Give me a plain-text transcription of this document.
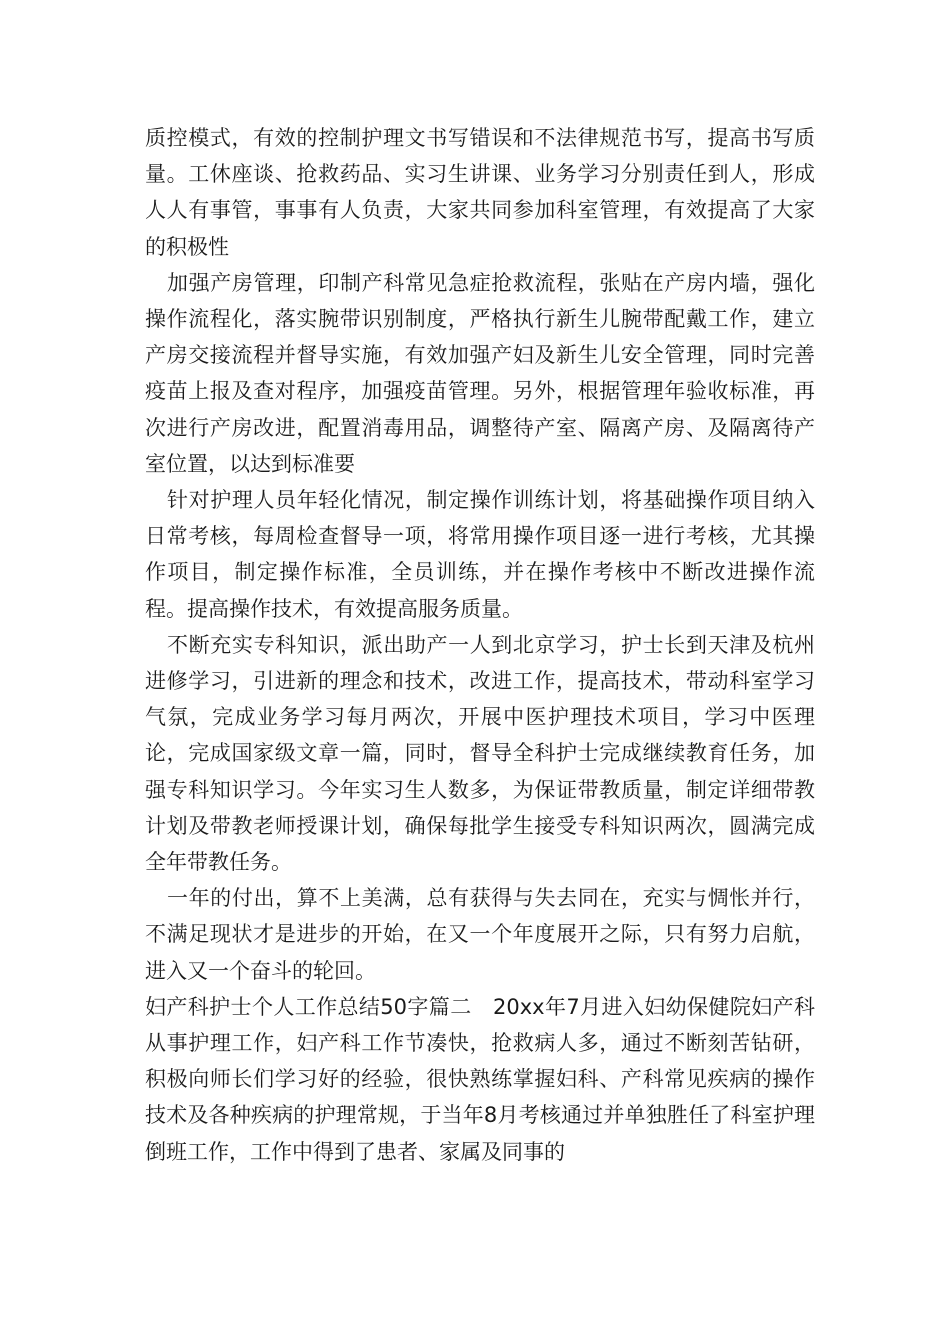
质控模式，有效的控制护理文书写错误和不法律规范书写，提高书写质量。工休座谈、抢救药品、实习生讲课、业务学习分别责任到人，形成人人有事管，事事有人负责，大家共同参加科室管理，有效提高了大家的积极性

加强产房管理，印制产科常见急症抢救流程，张贴在产房内墙，强化操作流程化，落实腕带识别制度，严格执行新生儿腕带配戴工作，建立产房交接流程并督导实施，有效加强产妇及新生儿安全管理，同时完善疫苗上报及查对程序，加强疫苗管理。另外，根据管理年验收标准，再次进行产房改进，配置消毒用品，调整待产室、隔离产房、及隔离待产室位置，以达到标准要

针对护理人员年轻化情况，制定操作训练计划，将基础操作项目纳入日常考核，每周检查督导一项，将常用操作项目逐一进行考核，尤其操作项目，制定操作标准，全员训练，并在操作考核中不断改进操作流程。提高操作技术，有效提高服务质量。

不断充实专科知识，派出助产一人到北京学习，护士长到天津及杭州进修学习，引进新的理念和技术，改进工作，提高技术，带动科室学习气氛，完成业务学习每月两次，开展中医护理技术项目，学习中医理论，完成国家级文章一篇，同时，督导全科护士完成继续教育任务，加强专科知识学习。今年实习生人数多，为保证带教质量，制定详细带教计划及带教老师授课计划，确保每批学生接受专科知识两次，圆满完成全年带教任务。

一年的付出，算不上美满，总有获得与失去同在，充实与惆怅并行，不满足现状才是进步的开始，在又一个年度展开之际，只有努力启航，进入又一个奋斗的轮回。

妇产科护士个人工作总结50字篇二　20xx年7月进入妇幼保健院妇产科从事护理工作，妇产科工作节凑快，抢救病人多，通过不断刻苦钻研，积极向师长们学习好的经验，很快熟练掌握妇科、产科常见疾病的操作技术及各种疾病的护理常规，于当年8月考核通过并单独胜任了科室护理倒班工作，工作中得到了患者、家属及同事的
